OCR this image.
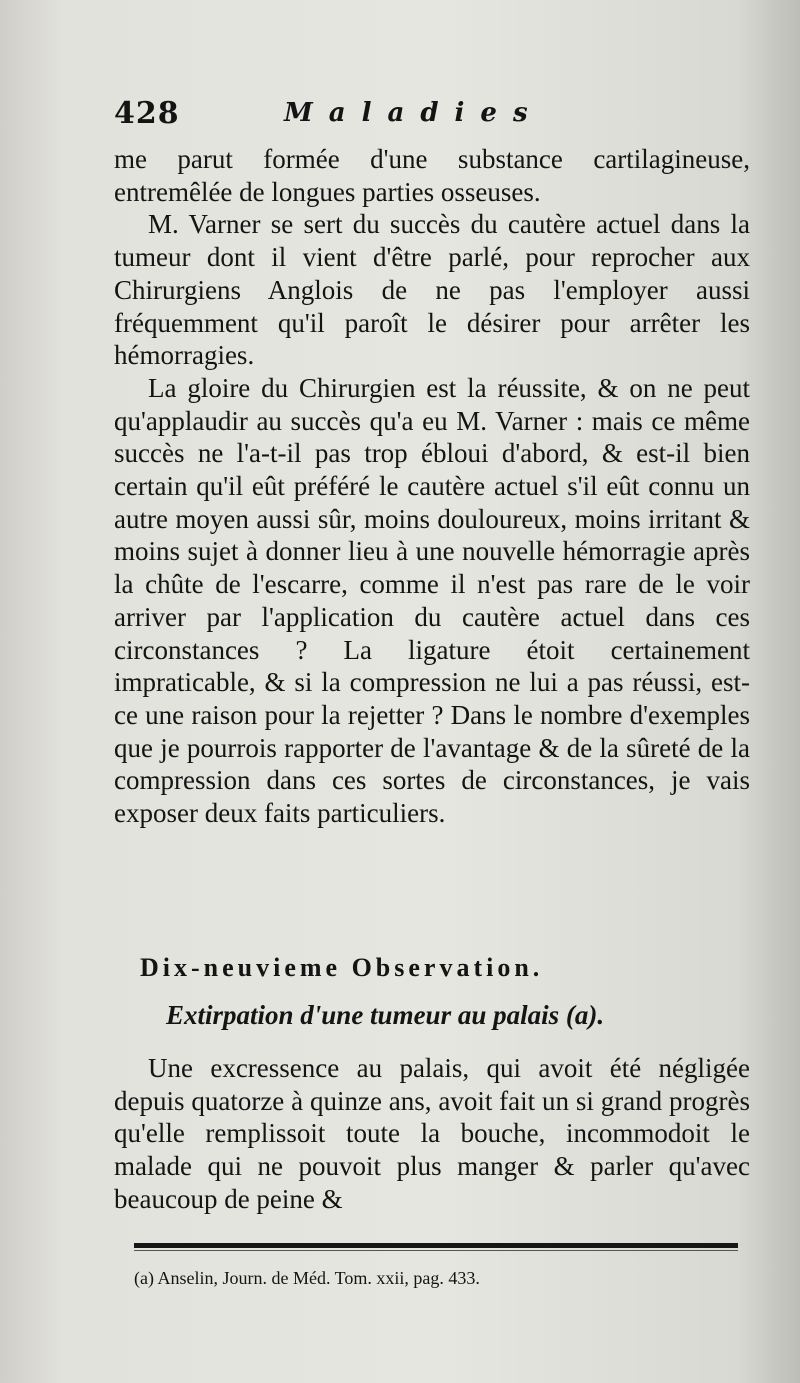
428	Maladies

me parut formée d'une substance cartilagineuse, entremêlée de longues parties osseuses.

M. Varner se sert du succès du cautère actuel dans la tumeur dont il vient d'être parlé, pour reprocher aux Chirurgiens Anglois de ne pas l'employer aussi fréquemment qu'il paroît le désirer pour arrêter les hémorragies.

La gloire du Chirurgien est la réussite, & on ne peut qu'applaudir au succès qu'a eu M. Varner : mais ce même succès ne l'a-t-il pas trop ébloui d'abord, & est-il bien certain qu'il eût préféré le cautère actuel s'il eût connu un autre moyen aussi sûr, moins douloureux, moins irritant & moins sujet à donner lieu à une nouvelle hémorragie après la chûte de l'escarre, comme il n'est pas rare de le voir arriver par l'application du cautère actuel dans ces circonstances ? La ligature étoit certainement impraticable, & si la compression ne lui a pas réussi, est-ce une raison pour la rejetter ? Dans le nombre d'exemples que je pourrois rapporter de l'avantage & de la sûreté de la compression dans ces sortes de circonstances, je vais exposer deux faits particuliers.

Dix-neuvieme Observation.
Extirpation d'une tumeur au palais (a).

Une excressence au palais, qui avoit été négligée depuis quatorze à quinze ans, avoit fait un si grand progrès qu'elle remplissoit toute la bouche, incommodoit le malade qui ne pouvoit plus manger & parler qu'avec beaucoup de peine &

(a) Anselin, Journ. de Méd. Tom. xxii, pag. 433.
